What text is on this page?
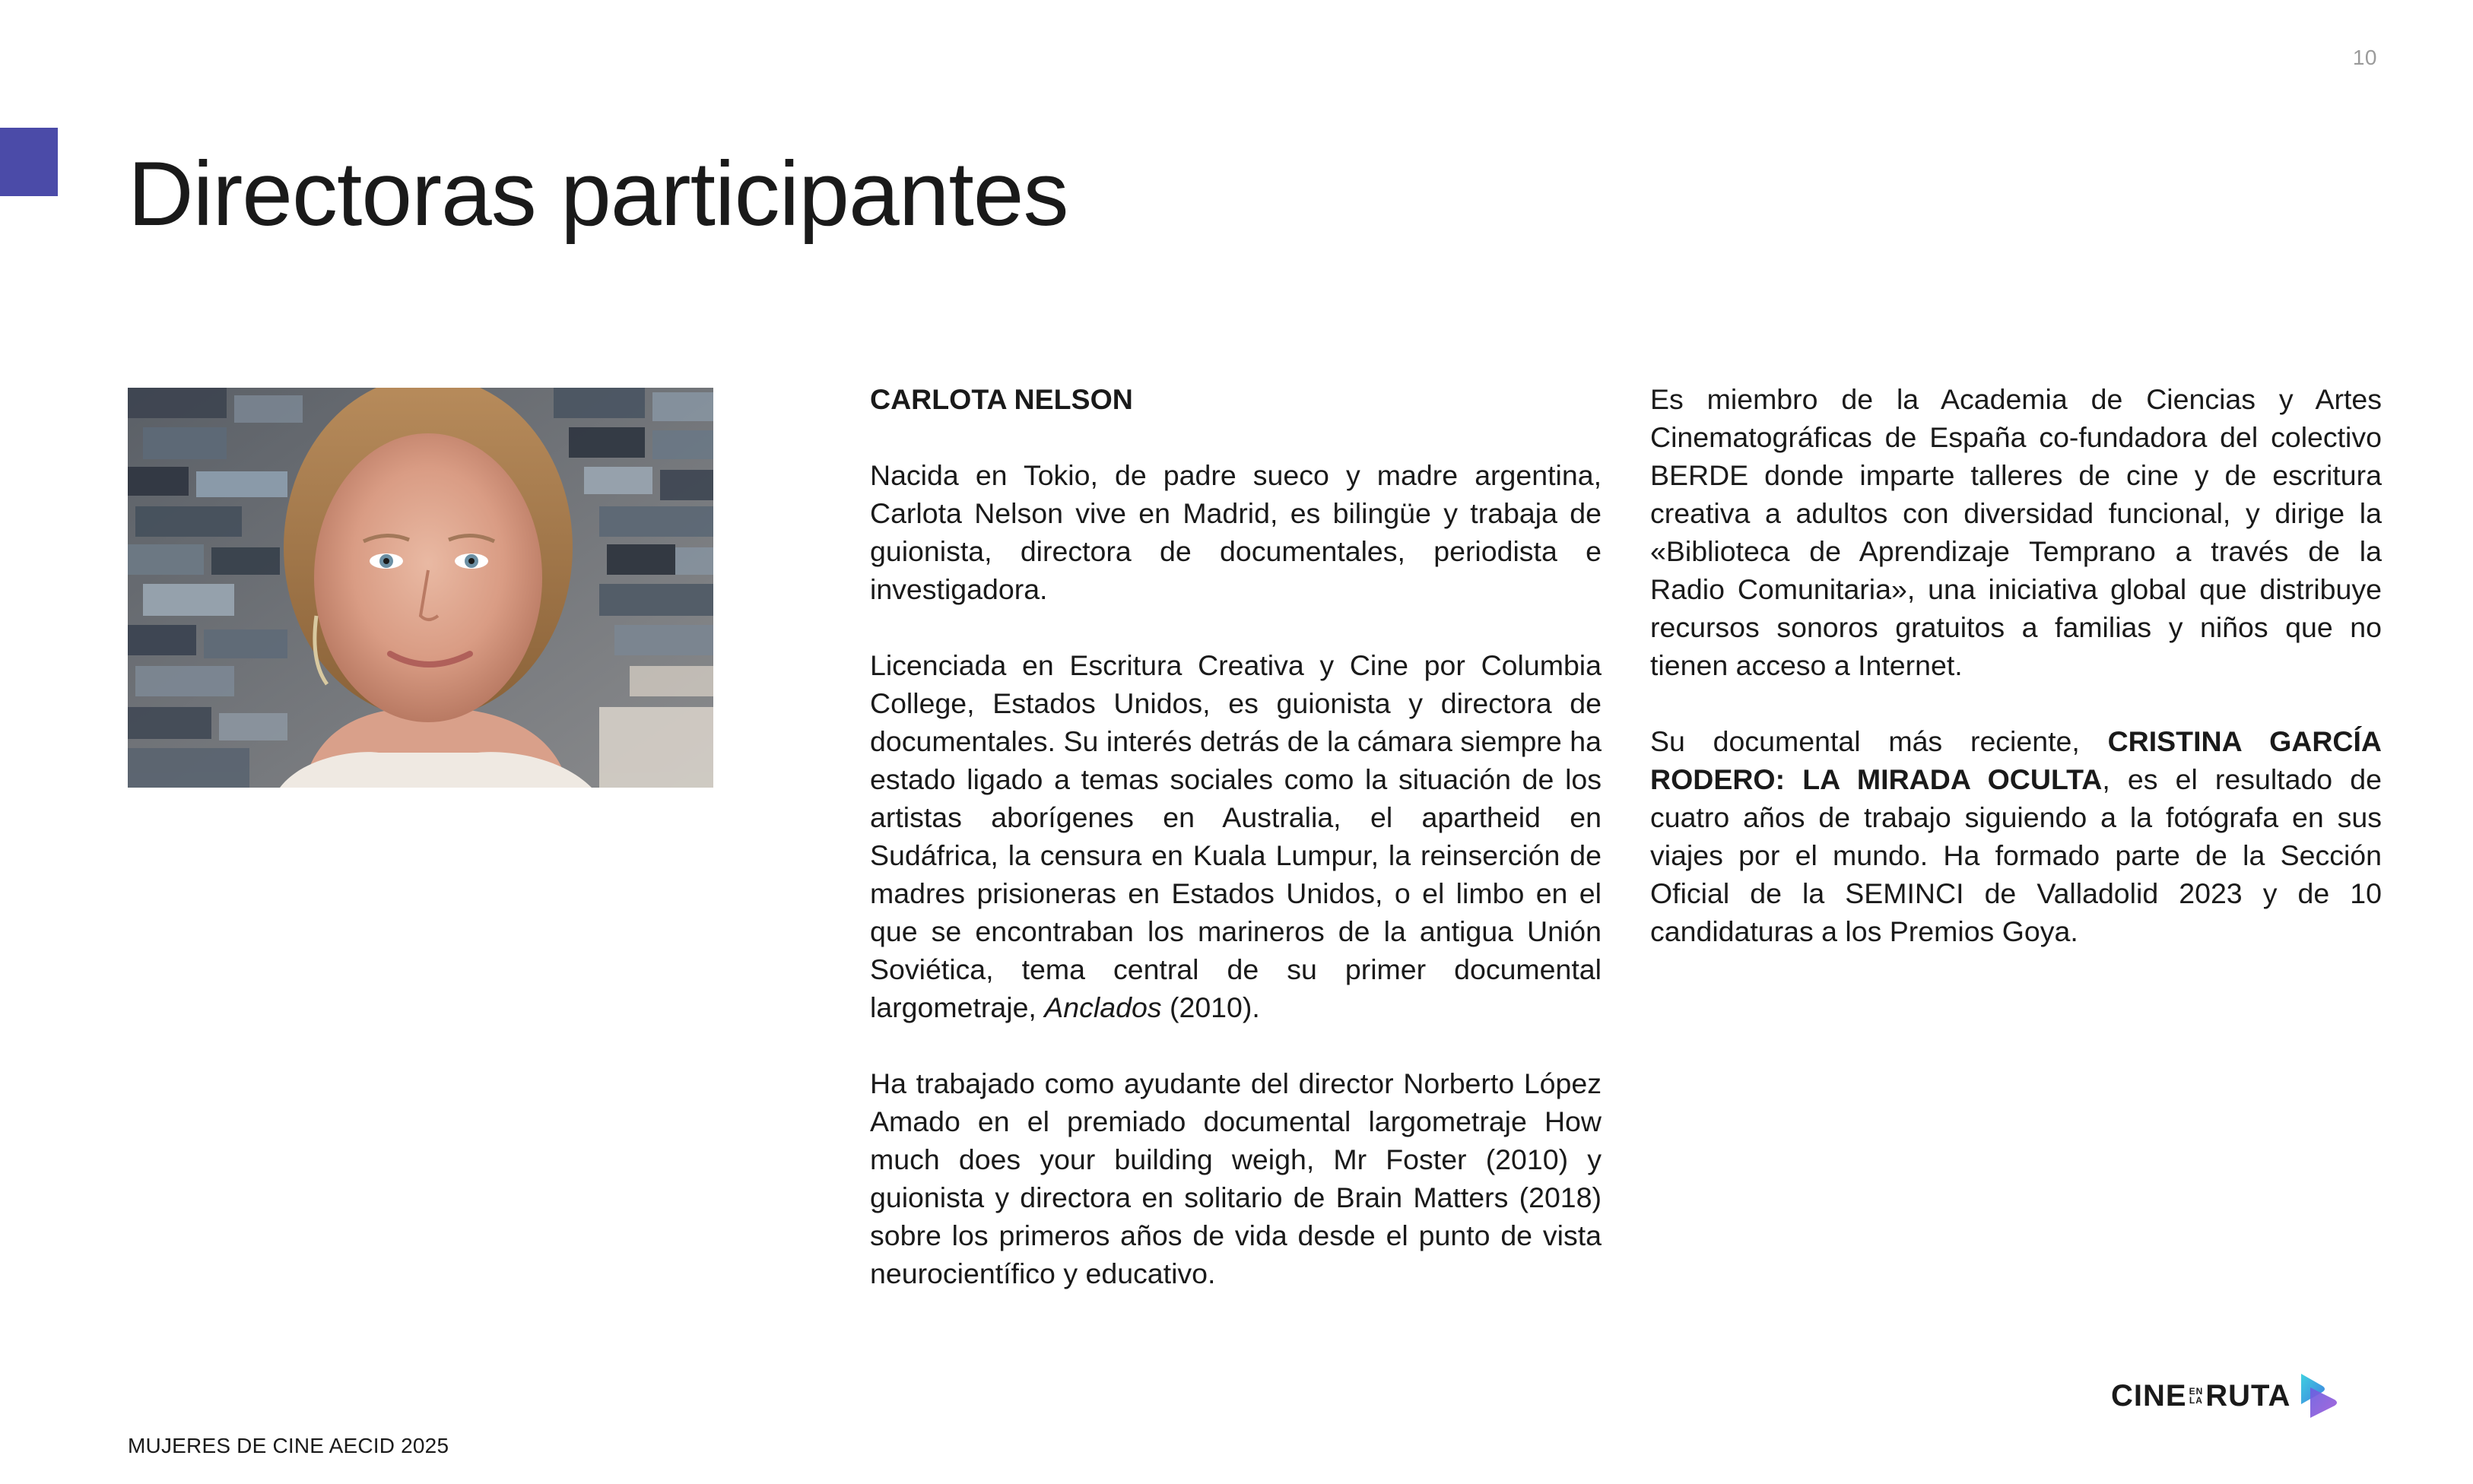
10
Directoras participantes

CARLOTA NELSON

Nacida en Tokio, de padre sueco y madre argentina, Carlota Nelson vive en Madrid, es bilingüe y trabaja de guionista, directora de documentales, periodista e investigadora.

Licenciada en Escritura Creativa y Cine por Columbia College, Estados Unidos, es guionista y directora de documentales. Su interés detrás de la cámara siempre ha estado ligado a temas sociales como la situación de los artistas aborígenes en Australia, el apartheid en Sudáfrica, la censura en Kuala Lumpur, la reinserción de madres prisioneras en Estados Unidos, o el limbo en el que se encontraban los marineros de la antigua Unión Soviética, tema central de su primer documental largometraje, Anclados (2010).

Ha trabajado como ayudante del director Norberto López Amado en el premiado documental largometraje How much does your building weigh, Mr Foster (2010) y guionista y directora en solitario de Brain Matters (2018) sobre los primeros años de vida desde el punto de vista neurocientífico y educativo.

Es miembro de la Academia de Ciencias y Artes Cinematográficas de España co-fundadora del colectivo BERDE donde imparte talleres de cine y de escritura creativa a adultos con diversidad funcional, y dirige la «Biblioteca de Aprendizaje Temprano a través de la Radio Comunitaria», una iniciativa global que distribuye recursos sonoros gratuitos a familias y niños que no tienen acceso a Internet.

Su documental más reciente, CRISTINA GARCÍA RODERO: LA MIRADA OCULTA, es el resultado de cuatro años de trabajo siguiendo a la fotógrafa en sus viajes por el mundo. Ha formado parte de la Sección Oficial de la SEMINCI de Valladolid 2023 y de 10 candidaturas a los Premios Goya.

MUJERES DE CINE AECID 2025
CINE EN
LA RUTA
